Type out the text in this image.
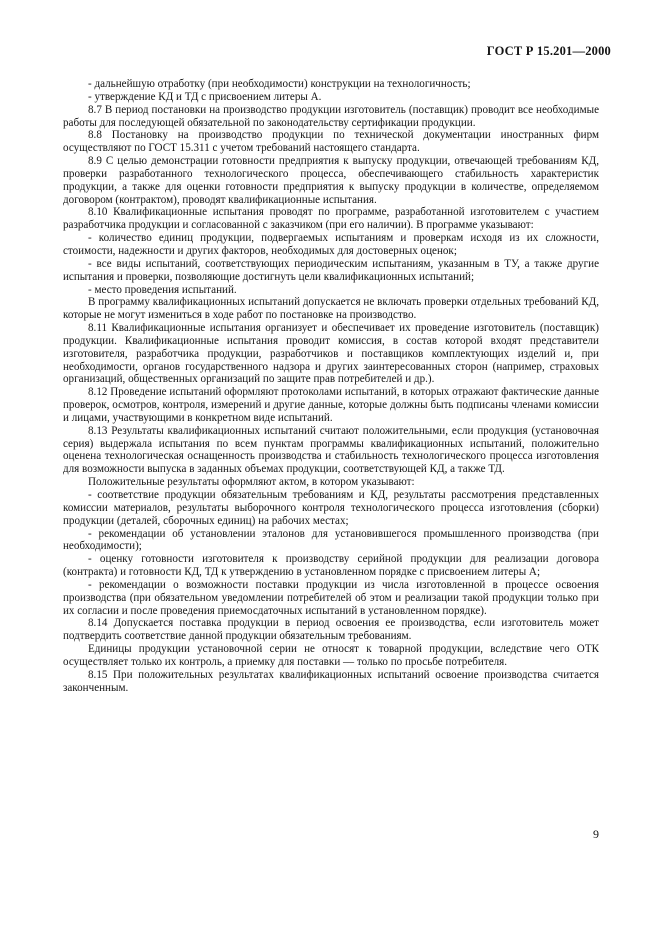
ГОСТ Р 15.201—2000

- дальнейшую отработку (при необходимости) конструкции на технологичность;

- утверждение КД и ТД с присвоением литеры А.

8.7 В период постановки на производство продукции изготовитель (поставщик) проводит все необходимые работы для последующей обязательной по законодательству сертификации продукции.

8.8 Постановку на производство продукции по технической документации иностранных фирм осуществляют по ГОСТ 15.311 с учетом требований настоящего стандарта.

8.9 С целью демонстрации готовности предприятия к выпуску продукции, отвечающей требованиям КД, проверки разработанного технологического процесса, обеспечивающего стабильность характеристик продукции, а также для оценки готовности предприятия к выпуску продукции в количестве, определяемом договором (контрактом), проводят квалификационные испытания.

8.10 Квалификационные испытания проводят по программе, разработанной изготовителем с участием разработчика продукции и согласованной с заказчиком (при его наличии). В программе указывают:

- количество единиц продукции, подвергаемых испытаниям и проверкам исходя из их сложности, стоимости, надежности и других факторов, необходимых для достоверных оценок;

- все виды испытаний, соответствующих периодическим испытаниям, указанным в ТУ, а также другие испытания и проверки, позволяющие достигнуть цели квалификационных испытаний;

- место проведения испытаний.

В программу квалификационных испытаний допускается не включать проверки отдельных требований КД, которые не могут измениться в ходе работ по постановке на производство.

8.11 Квалификационные испытания организует и обеспечивает их проведение изготовитель (поставщик) продукции. Квалификационные испытания проводит комиссия, в состав которой входят представители изготовителя, разработчика продукции, разработчиков и поставщиков комплектующих изделий и, при необходимости, органов государственного надзора и других заинтересованных сторон (например, страховых организаций, общественных организаций по защите прав потребителей и др.).

8.12 Проведение испытаний оформляют протоколами испытаний, в которых отражают фактические данные проверок, осмотров, контроля, измерений и другие данные, которые должны быть подписаны членами комиссии и лицами, участвующими в конкретном виде испытаний.

8.13 Результаты квалификационных испытаний считают положительными, если продукция (установочная серия) выдержала испытания по всем пунктам программы квалификационных испытаний, положительно оценена технологическая оснащенность производства и стабильность технологического процесса изготовления для возможности выпуска в заданных объемах продукции, соответствующей КД, а также ТД.

Положительные результаты оформляют актом, в котором указывают:

- соответствие продукции обязательным требованиям и КД, результаты рассмотрения представленных комиссии материалов, результаты выборочного контроля технологического процесса изготовления (сборки) продукции (деталей, сборочных единиц) на рабочих местах;

- рекомендации об установлении эталонов для установившегося промышленного производства (при необходимости);

- оценку готовности изготовителя к производству серийной продукции для реализации договора (контракта) и готовности КД, ТД к утверждению в установленном порядке с присвоением литеры А;

- рекомендации о возможности поставки продукции из числа изготовленной в процессе освоения производства (при обязательном уведомлении потребителей об этом и реализации такой продукции только при их согласии и после проведения приемосдаточных испытаний в установленном порядке).

8.14 Допускается поставка продукции в период освоения ее производства, если изготовитель может подтвердить соответствие данной продукции обязательным требованиям.

Единицы продукции установочной серии не относят к товарной продукции, вследствие чего ОТК осуществляет только их контроль, а приемку для поставки — только по просьбе потребителя.

8.15 При положительных результатах квалификационных испытаний освоение производства считается законченным.

9
